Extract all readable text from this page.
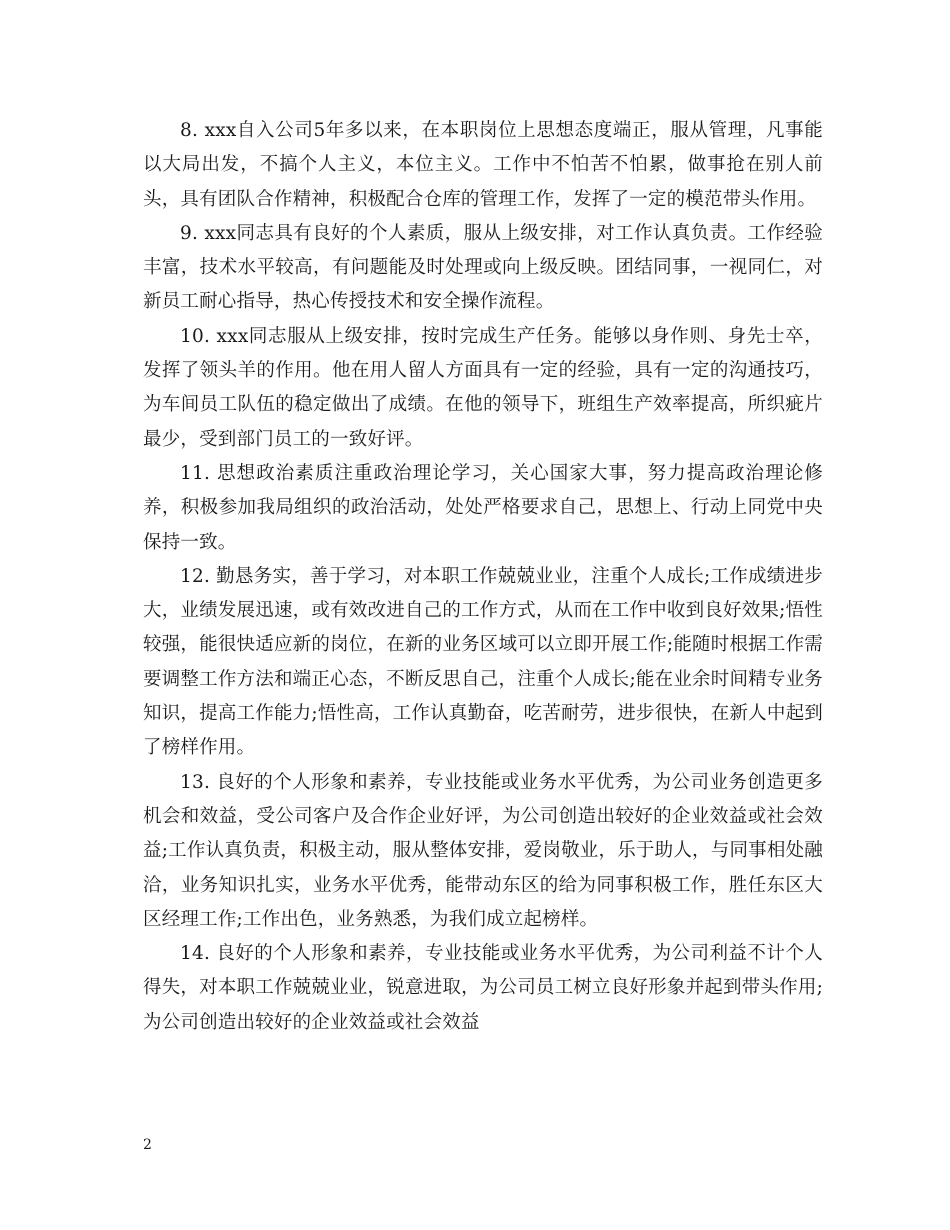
8. xxx自入公司5年多以来，在本职岗位上思想态度端正，服从管理，凡事能以大局出发，不搞个人主义，本位主义。工作中不怕苦不怕累，做事抢在别人前头，具有团队合作精神，积极配合仓库的管理工作，发挥了一定的模范带头作用。

9. xxx同志具有良好的个人素质，服从上级安排，对工作认真负责。工作经验丰富，技术水平较高，有问题能及时处理或向上级反映。团结同事，一视同仁，对新员工耐心指导，热心传授技术和安全操作流程。

10. xxx同志服从上级安排，按时完成生产任务。能够以身作则、身先士卒，发挥了领头羊的作用。他在用人留人方面具有一定的经验，具有一定的沟通技巧，为车间员工队伍的稳定做出了成绩。在他的领导下，班组生产效率提高，所织疵片最少，受到部门员工的一致好评。

11. 思想政治素质注重政治理论学习，关心国家大事，努力提高政治理论修养，积极参加我局组织的政治活动，处处严格要求自己，思想上、行动上同党中央保持一致。

12. 勤恳务实，善于学习，对本职工作兢兢业业，注重个人成长;工作成绩进步大，业绩发展迅速，或有效改进自己的工作方式，从而在工作中收到良好效果;悟性较强，能很快适应新的岗位，在新的业务区域可以立即开展工作;能随时根据工作需要调整工作方法和端正心态，不断反思自己，注重个人成长;能在业余时间精专业务知识，提高工作能力;悟性高，工作认真勤奋，吃苦耐劳，进步很快，在新人中起到了榜样作用。

13. 良好的个人形象和素养，专业技能或业务水平优秀，为公司业务创造更多机会和效益，受公司客户及合作企业好评，为公司创造出较好的企业效益或社会效益;工作认真负责，积极主动，服从整体安排，爱岗敬业，乐于助人，与同事相处融洽，业务知识扎实，业务水平优秀，能带动东区的给为同事积极工作，胜任东区大区经理工作;工作出色，业务熟悉，为我们成立起榜样。

14. 良好的个人形象和素养，专业技能或业务水平优秀，为公司利益不计个人得失，对本职工作兢兢业业，锐意进取，为公司员工树立良好形象并起到带头作用;为公司创造出较好的企业效益或社会效益

2
